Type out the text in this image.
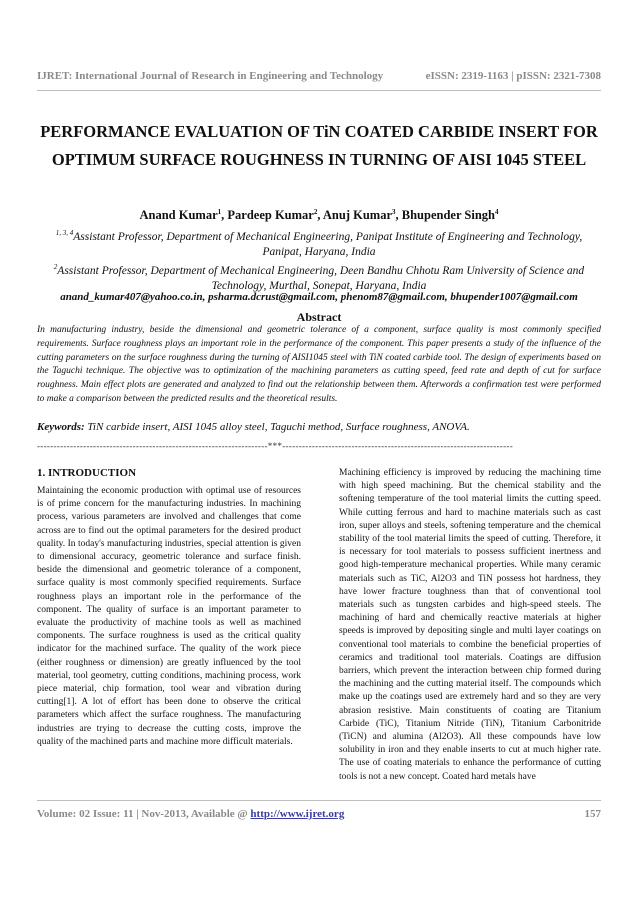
IJRET: International Journal of Research in Engineering and Technology	eISSN: 2319-1163 | pISSN: 2321-7308
PERFORMANCE EVALUATION OF TiN COATED CARBIDE INSERT FOR OPTIMUM SURFACE ROUGHNESS IN TURNING OF AISI 1045 STEEL
Anand Kumar$^1$, Pardeep Kumar$^2$, Anuj Kumar$^3$, Bhupender Singh$^4$
$^{1, 3, 4}$Assistant Professor, Department of Mechanical Engineering, Panipat Institute of Engineering and Technology, Panipat, Haryana, India
$^2$Assistant Professor, Department of Mechanical Engineering, Deen Bandhu Chhotu Ram University of Science and Technology, Murthal, Sonepat, Haryana, India
anand_kumar407@yahoo.co.in, psharma.dcrust@gmail.com, phenom87@gmail.com, bhupender1007@gmail.com
Abstract
In manufacturing industry, beside the dimensional and geometric tolerance of a component, surface quality is most commonly specified requirements. Surface roughness plays an important role in the performance of the component. This paper presents a study of the influence of the cutting parameters on the surface roughness during the turning of AISI1045 steel with TiN coated carbide tool. The design of experiments based on the Taguchi technique. The objective was to optimization of the machining parameters as cutting speed, feed rate and depth of cut for surface roughness. Main effect plots are generated and analyzed to find out the relationship between them. Afterwords a confirmation test were performed to make a comparison between the predicted results and the theoretical results.
Keywords: TiN carbide insert, AISI 1045 alloy steel, Taguchi method, Surface roughness, ANOVA.
----------------------------------------------------------------------***----------------------------------------------------------------------
1. INTRODUCTION
Maintaining the economic production with optimal use of resources is of prime concern for the manufacturing industries. In machining process, various parameters are involved and challenges that come across are to find out the optimal parameters for the desired product quality. In today's manufacturing industries, special attention is given to dimensional accuracy, geometric tolerance and surface finish. beside the dimensional and geometric tolerance of a component, surface quality is most commonly specified requirements. Surface roughness plays an important role in the performance of the component. The quality of surface is an important parameter to evaluate the productivity of machine tools as well as machined components. The surface roughness is used as the critical quality indicator for the machined surface. The quality of the work piece (either roughness or dimension) are greatly influenced by the tool material, tool geometry, cutting conditions, machining process, work piece material, chip formation, tool wear and vibration during cutting[1]. A lot of effort has been done to observe the critical parameters which affect the surface roughness. The manufacturing industries are trying to decrease the cutting costs, improve the quality of the machined parts and machine more difficult materials.
Machining efficiency is improved by reducing the machining time with high speed machining. But the chemical stability and the softening temperature of the tool material limits the cutting speed. While cutting ferrous and hard to machine materials such as cast iron, super alloys and steels, softening temperature and the chemical stability of the tool material limits the speed of cutting. Therefore, it is necessary for tool materials to possess sufficient inertness and good high-temperature mechanical properties. While many ceramic materials such as TiC, Al2O3 and TiN possess hot hardness, they have lower fracture toughness than that of conventional tool materials such as tungsten carbides and high-speed steels. The machining of hard and chemically reactive materials at higher speeds is improved by depositing single and multi layer coatings on conventional tool materials to combine the beneficial properties of ceramics and traditional tool materials. Coatings are diffusion barriers, which prevent the interaction between chip formed during the machining and the cutting material itself. The compounds which make up the coatings used are extremely hard and so they are very abrasion resistive. Main constituents of coating are Titanium Carbide (TiC), Titanium Nitride (TiN), Titanium Carbonitride (TiCN) and alumina (Al2O3). All these compounds have low solubility in iron and they enable inserts to cut at much higher rate. The use of coating materials to enhance the performance of cutting tools is not a new concept. Coated hard metals have
Volume: 02 Issue: 11 | Nov-2013, Available @ http://www.ijret.org	157
